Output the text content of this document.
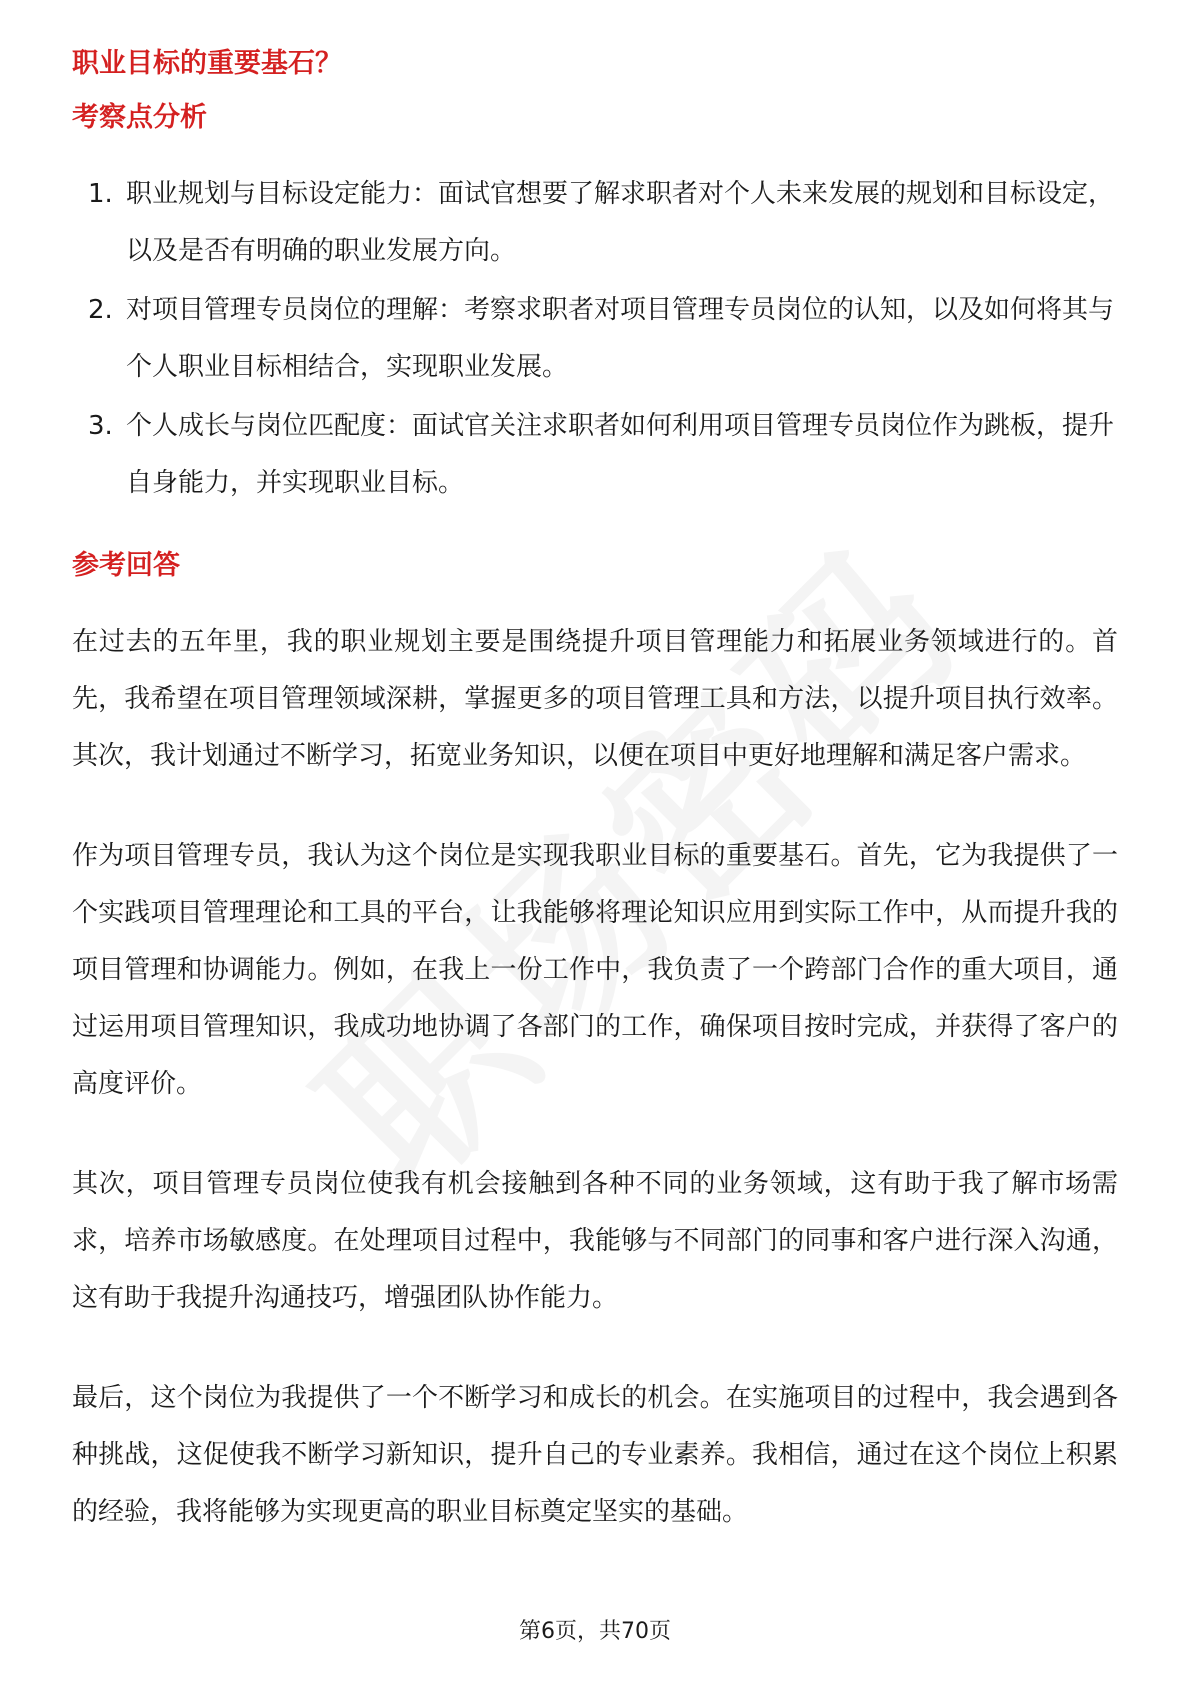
职业目标的重要基石？
考察点分析
1. 职业规划与目标设定能力：面试官想要了解求职者对个人未来发展的规划和目标设定，以及是否有明确的职业发展方向。
2. 对项目管理专员岗位的理解：考察求职者对项目管理专员岗位的认知，以及如何将其与个人职业目标相结合，实现职业发展。
3. 个人成长与岗位匹配度：面试官关注求职者如何利用项目管理专员岗位作为跳板，提升自身能力，并实现职业目标。
参考回答

在过去的五年里，我的职业规划主要是围绕提升项目管理能力和拓展业务领域进行的。首先，我希望在项目管理领域深耕，掌握更多的项目管理工具和方法，以提升项目执行效率。其次，我计划通过不断学习，拓宽业务知识，以便在项目中更好地理解和满足客户需求。

作为项目管理专员，我认为这个岗位是实现我职业目标的重要基石。首先，它为我提供了一个实践项目管理理论和工具的平台，让我能够将理论知识应用到实际工作中，从而提升我的项目管理和协调能力。例如，在我上一份工作中，我负责了一个跨部门合作的重大项目，通过运用项目管理知识，我成功地协调了各部门的工作，确保项目按时完成，并获得了客户的高度评价。

其次，项目管理专员岗位使我有机会接触到各种不同的业务领域，这有助于我了解市场需求，培养市场敏感度。在处理项目过程中，我能够与不同部门的同事和客户进行深入沟通，这有助于我提升沟通技巧，增强团队协作能力。

最后，这个岗位为我提供了一个不断学习和成长的机会。在实施项目的过程中，我会遇到各种挑战，这促使我不断学习新知识，提升自己的专业素养。我相信，通过在这个岗位上积累的经验，我将能够为实现更高的职业目标奠定坚实的基础。

第6页，共70页
